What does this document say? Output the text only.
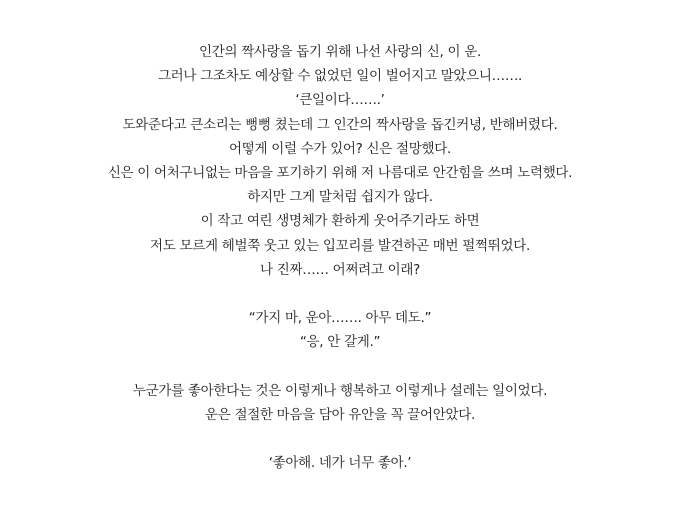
인간의 짝사랑을 돕기 위해 나선 사랑의 신, 이 운.
그러나 그조차도 예상할 수 없었던 일이 벌어지고 말았으니…….
‘큰일이다…….’
도와준다고 큰소리는 뻥뻥 쳤는데 그 인간의 짝사랑을 돕긴커녕, 반해버렸다.
어떻게 이럴 수가 있어? 신은 절망했다.
신은 이 어처구니없는 마음을 포기하기 위해 저 나름대로 안간힘을 쓰며 노력했다.
하지만 그게 말처럼 쉽지가 않다.
이 작고 여린 생명체가 환하게 웃어주기라도 하면
저도 모르게 헤벌쭉 웃고 있는 입꼬리를 발견하곤 매번 펄쩍뛰었다.
나 진짜…… 어쩌려고 이래?
“가지 마, 운아……. 아무 데도.”
“응, 안 갈게.”
누군가를 좋아한다는 것은 이렇게나 행복하고 이렇게나 설레는 일이었다.
운은 절절한 마음을 담아 유안을 꼭 끌어안았다.
‘좋아해. 네가 너무 좋아.’
